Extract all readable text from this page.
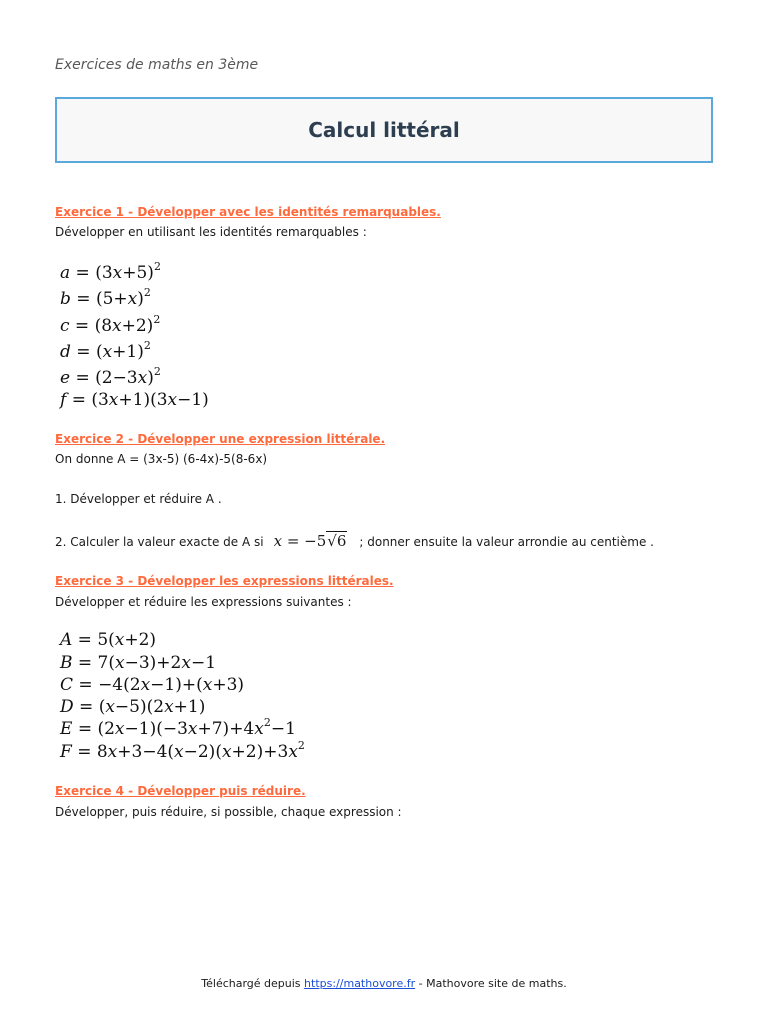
Exercices de maths en 3ème
Calcul littéral
Exercice 1 - Développer avec les identités remarquables.
Développer en utilisant les identités remarquables :
$a = (3x+5)^2$
$b = (5+x)^2$
$c = (8x+2)^2$
$d = (x+1)^2$
$e = (2-3x)^2$
f = (3x+1)(3x−1)
Exercice 2 - Développer une expression littérale.
On donne A = (3x-5) (6-4x)-5(8-6x)
1. Développer et réduire A .
2. Calculer la valeur exacte de A si x = −5√6 ; donner ensuite la valeur arrondie au centième .
Exercice 3 - Développer les expressions littérales.
Développer et réduire les expressions suivantes :
A = 5(x+2)
B = 7(x−3)+2x−1
C = −4(2x−1)+(x+3)
D = (x−5)(2x+1)
$E = (2x-1)(-3x+7)+4x^2-1$
$F = 8x+3-4(x-2)(x+2)+3x^2$
Exercice 4 - Développer puis réduire.
Développer, puis réduire, si possible, chaque expression :
Téléchargé depuis https://mathovore.fr - Mathovore site de maths.
